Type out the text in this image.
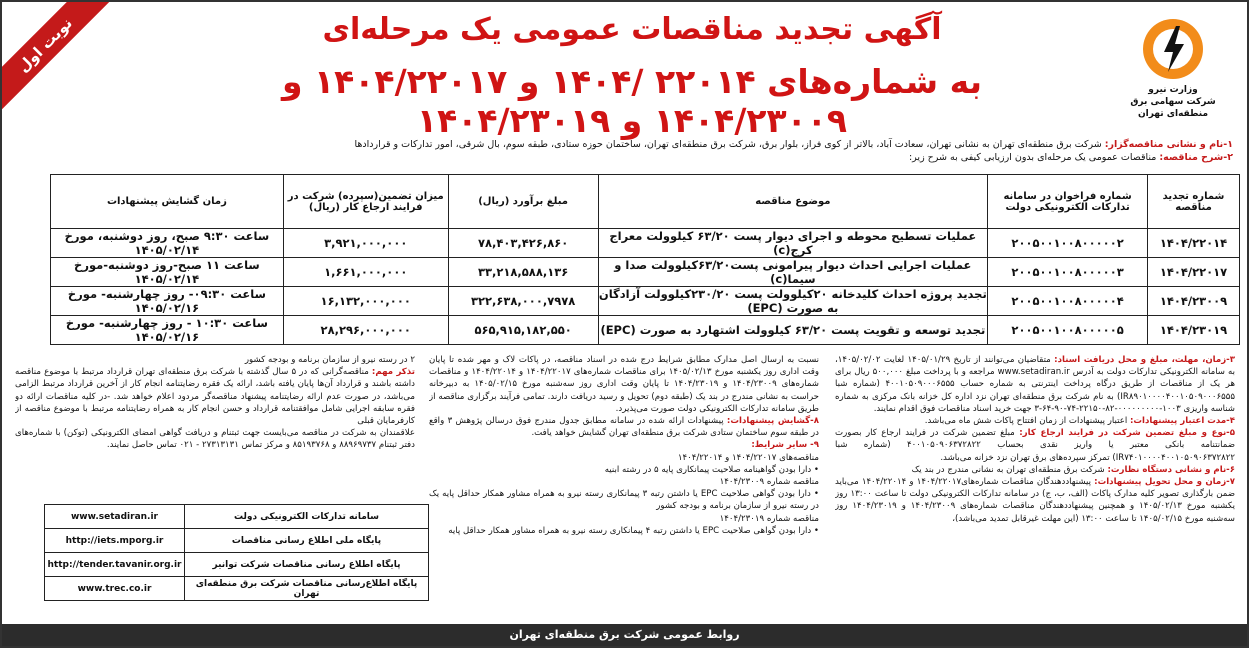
نوبت اول	آگهی تجدید مناقصات عمومی یک مرحله‌ای
به شماره‌های ۲۲۰۱۴ /۱۴۰۴ و ۱۴۰۴/۲۲۰۱۷ و ۱۴۰۴/۲۳۰۰۹ و ۱۴۰۴/۲۳۰۱۹
وزارت نیرو
شرکت سهامی برق منطقه‌ای تهران
۱-نام و نشانی مناقصه‌گزار: شرکت برق منطقه‌ای تهران به نشانی تهران، سعادت آباد، بالاتر از کوی فراز، بلوار برق، شرکت برق منطقه‌ای تهران، ساختمان حوزه ستادی، طبقه سوم، بال شرقی، امور تدارکات و قراردادها
۲-شرح مناقصه: مناقصات عمومی یک مرحله‌ای بدون ارزیابی کیفی به شرح زیر:
شماره تجدید مناقصه	شماره فراخوان در سامانه تدارکات الکترونیکی دولت	موضوع مناقصه	مبلغ برآورد (ریال)	میزان تضمین(سپرده) شرکت در فرایند ارجاع کار (ریال)	زمان گشایش پیشنهادات
۱۴۰۴/۲۲۰۱۴	۲۰۰۵۰۰۱۰۰۸۰۰۰۰۰۲	عملیات تسطیح محوطه و اجرای دیوار پست ۶۳/۲۰ کیلوولت معراج کرج(c)	۷۸,۴۰۳,۴۲۶,۸۶۰	۳,۹۲۱,۰۰۰,۰۰۰	ساعت ۹:۳۰ صبح، روز دوشنبه، مورخ ۱۴۰۵/۰۲/۱۴
۱۴۰۴/۲۲۰۱۷	۲۰۰۵۰۰۱۰۰۸۰۰۰۰۰۳	عملیات اجرایی احداث دیوار پیرامونی پست۶۳/۲۰کیلوولت صدا و سیما(c)	۳۳,۲۱۸,۵۸۸,۱۳۶	۱,۶۶۱,۰۰۰,۰۰۰	ساعت ۱۱ صبح-روز دوشنبه-مورخ ۱۴۰۵/۰۲/۱۴
۱۴۰۴/۲۳۰۰۹	۲۰۰۵۰۰۱۰۰۸۰۰۰۰۰۴	تجدید پروژه احداث کلیدخانه ۲۰کیلوولت پست ۲۳۰/۲۰کیلوولت آزادگان به صورت (EPC)	۳۲۲,۶۳۸,۰۰۰,۷۹۷۸	۱۶,۱۳۲,۰۰۰,۰۰۰	ساعت ۰۹:۳۰- روز چهارشنبه- مورخ ۱۴۰۵/۰۲/۱۶
۱۴۰۴/۲۳۰۱۹	۲۰۰۵۰۰۱۰۰۸۰۰۰۰۰۵	تجدید توسعه و تقویت پست ۶۳/۲۰ کیلوولت اشتهارد به صورت (EPC)	۵۶۵,۹۱۵,۱۸۲,۵۵۰	۲۸,۲۹۶,۰۰۰,۰۰۰	ساعت ۱۰:۳۰ - روز چهارشنبه- مورخ ۱۴۰۵/۰۲/۱۶
۳-زمان، مهلت، مبلغ و محل دریافت اسناد: متقاضیان می‌توانند از تاریخ ۱۴۰۵/۰۱/۲۹ لغایت ۱۴۰۵/۰۲/۰۲، به سامانه الکترونیکی تدارکات دولت به آدرس www.setadiran.ir مراجعه و با پرداخت مبلغ ۵۰۰,۰۰۰ ریال برای هر یک از مناقصات از طریق درگاه پرداخت اینترنتی به شماره حساب ۴۰۰۱۰۵۰۹۰۰۰۶۵۵۵ (شماره شبا IR۸۹۰۱۰۰۰۰۴۰۰۱۰۵۰۹۰۰۰۶۵۵۵) به نام شرکت برق منطقه‌ای تهران نزد اداره کل خزانه بانک مرکزی به شماره شناسه واریزی ۱۰۰۳-۰۰۰۰۰۰۰۰۰-۸۲-۲۲۱۵۰-۷۴-۹۰-۶۴-۳ جهت خرید اسناد مناقصات فوق اقدام نمایند.
۴-مدت اعتبار پیشنهادات: اعتبار پیشنهادات از زمان افتتاح پاکات شش ماه می‌باشد.
۵-نوع و مبلغ تضمین شرکت در فرایند ارجاع کار: مبلغ تضمین شرکت در فرایند ارجاع کار بصورت ضمانتنامه بانکی معتبر یا واریز نقدی بحساب ۴۰۰۱۰۵۰۹۰۶۳۷۲۸۲۲ (شماره شبا IR۷۴۰۱۰۰۰۰۴۰۰۱۰۵۰۹۰۶۳۷۲۸۲۲) تمرکز سپرده‌های برق تهران نزد خزانه می‌باشد.
۶-نام و نشانی دستگاه نظارت: شرکت برق منطقه‌ای تهران به نشانی مندرج در بند یک
۷-زمان و محل تحویل پیشنهادات: پیشنهاددهندگان مناقصات شماره‌های۱۴۰۴/۲۲۰۱۷ و ۱۴۰۴/۲۲۰۱۴ می‌باید ضمن بارگذاری تصویر کلیه مدارک پاکات (الف، ب، ج) در سامانه تدارکات الکترونیکی دولت تا ساعت ۱۳:۰۰ روز یکشنبه مورخ ۱۴۰۵/۰۲/۱۳ و همچنین پیشنهاددهندگان مناقصات شماره‌های ۱۴۰۴/۲۳۰۰۹ و ۱۴۰۴/۲۳۰۱۹ روز سه‌شنبه مورخ ۱۴۰۵/۰۲/۱۵ تا ساعت ۱۳:۰۰ (این مهلت غیرقابل تمدید می‌باشد)،
نسبت به ارسال اصل مدارک مطابق شرایط درج شده در اسناد مناقصه، در پاکات لاک و مهر شده تا پایان وقت اداری روز یکشنبه مورخ ۱۴۰۵/۰۲/۱۳ برای مناقصات شماره‌های ۱۴۰۴/۲۲۰۱۷ و ۱۴۰۴/۲۲۰۱۴ و مناقصات شماره‌های ۱۴۰۴/۲۳۰۰۹ و ۱۴۰۴/۲۳۰۱۹ تا پایان وقت اداری روز سه‌شنبه مورخ ۱۴۰۵/۰۲/۱۵ به دبیرخانه حراست به نشانی مندرج در بند یک (طبقه دوم) تحویل و رسید دریافت دارند. تمامی فرآیند برگزاری مناقصه از طریق سامانه تدارکات الکترونیکی دولت صورت می‌پذیرد.
۸-گشایش پیشنهادات: پیشنهادات ارائه شده در سامانه مطابق جدول مندرج فوق درسالن پژوهش ۳ واقع در طبقه سوم ساختمان ستادی شرکت برق منطقه‌ای تهران گشایش خواهد یافت.
۹- سایر شرایط:
مناقصه‌های ۱۴۰۴/۲۲۰۱۷ و ۱۴۰۴/۲۲۰۱۴
• دارا بودن گواهینامه صلاحیت پیمانکاری پایه ۵ در رشته ابنیه
مناقصه شماره ۱۴۰۴/۲۳۰۰۹
• دارا بودن گواهی صلاحیت EPC یا داشتن رتبه ۳ پیمانکاری رسته نیرو به همراه مشاور همکار حداقل پایه یک در رسته نیرو از سازمان برنامه و بودجه کشور
مناقصه شماره ۱۴۰۴/۲۳۰۱۹
• دارا بودن گواهی صلاحیت EPC یا داشتن رتبه ۴ پیمانکاری رسته نیرو به همراه مشاور همکار حداقل پایه
۲ در رسته نیرو از سازمان برنامه و بودجه کشور
تذکر مهم: مناقصه‌گرانی که در ۵ سال گذشته با شرکت برق منطقه‌ای تهران قرارداد مرتبط با موضوع مناقصه داشته باشند و قرارداد آن‌ها پایان یافته باشد، ارائه یک فقره رضایتنامه انجام کار از آخرین قرارداد مرتبط الزامی می‌باشد، در صورت عدم ارائه رضایتنامه پیشنهاد مناقصه‌گر مردود اعلام خواهد شد. -در کلیه مناقصات ارائه دو فقره سابقه اجرایی شامل موافقتنامه قرارداد و حسن انجام کار به همراه رضایتنامه مرتبط با موضوع مناقصه از کارفرمایان قبلی
علاقمندان به شرکت در مناقصه می‌بایست جهت ثبتنام و دریافت گواهی امضای الکترونیکی (توکن) با شماره‌های دفتر ثبتنام ۸۸۹۶۹۷۳۷ و ۸۵۱۹۳۷۶۸ و مرکز تماس ۲۷۳۱۳۱۳۱ - ۰۲۱ تماس حاصل نمایند.
سامانه تدارکات الکترونیکی دولت	www.setadiran.ir
پایگاه ملی اطلاع رسانی مناقصات	http://iets.mporg.ir
پایگاه اطلاع رسانی مناقصات شرکت توانیر	http://tender.tavanir.org.ir
پایگاه اطلاع‌رسانی مناقصات شرکت برق منطقه‌ای تهران	www.trec.co.ir
روابط عمومی شرکت برق منطقه‌ای تهران
